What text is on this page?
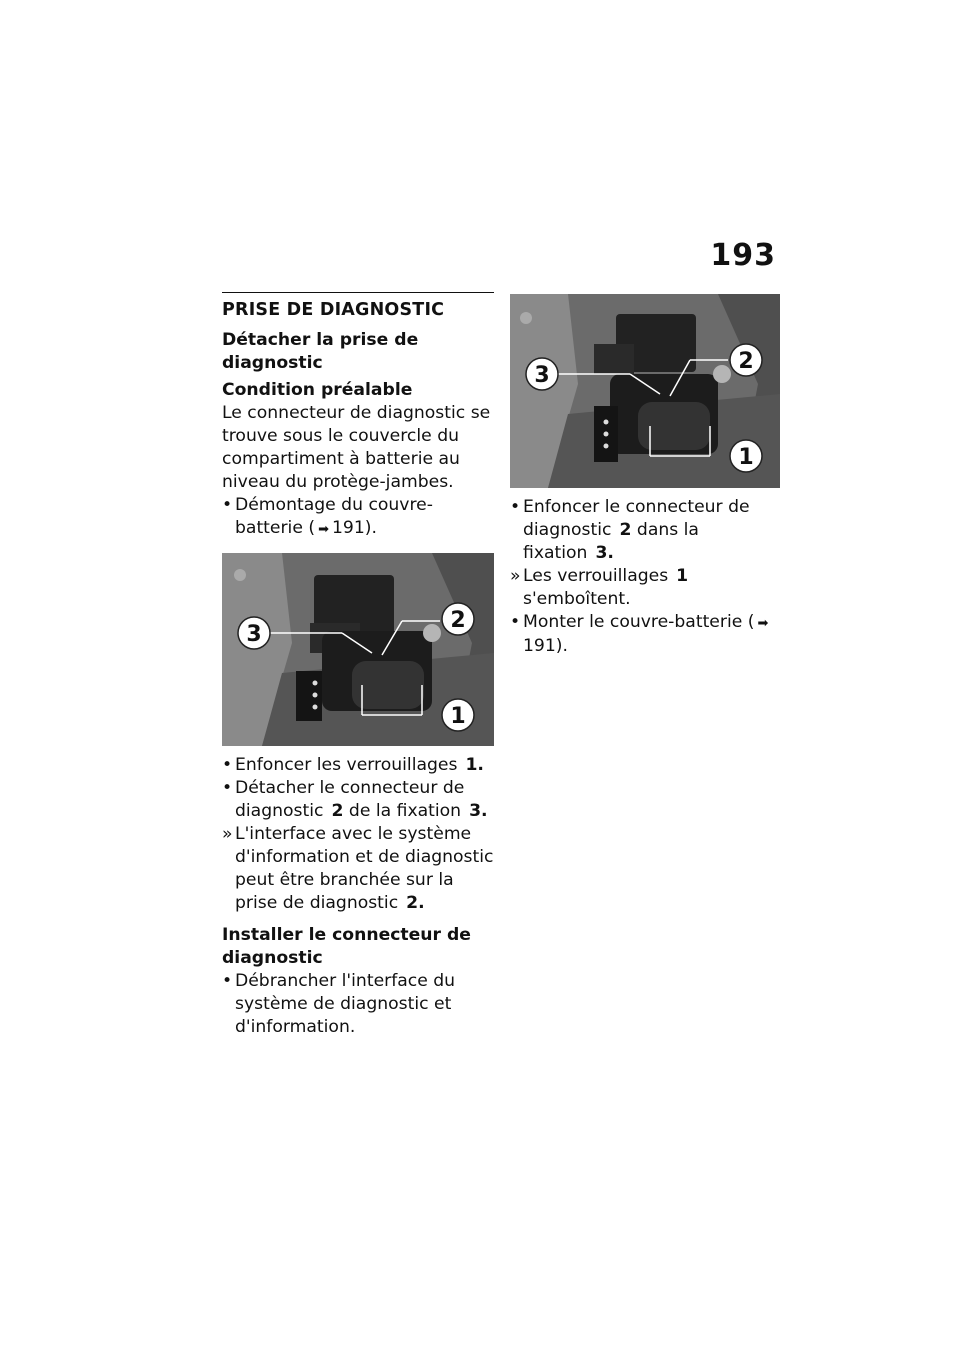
193
PRISE DE DIAGNOSTIC
Détacher la prise de diagnostic
Condition préalable

Le connecteur de diagnostic se trouve sous le couvercle du compartiment à batterie au niveau du protège-jambes.

• Démontage du couvre-batterie ( ➡ 191).
3
2
1
• Enfoncer les verrouillages 1.
• Détacher le connecteur de diagnostic 2 de la fixation 3.
» L'interface avec le système d'information et de diagnostic peut être branchée sur la prise de diagnostic 2.
Installer le connecteur de diagnostic
• Débrancher l'interface du système de diagnostic et d'information.
3
2
1
• Enfoncer le connecteur de diagnostic 2 dans la fixation 3.
» Les verrouillages 1 s'emboîtent.
• Monter le couvre-batterie ( ➡191).
